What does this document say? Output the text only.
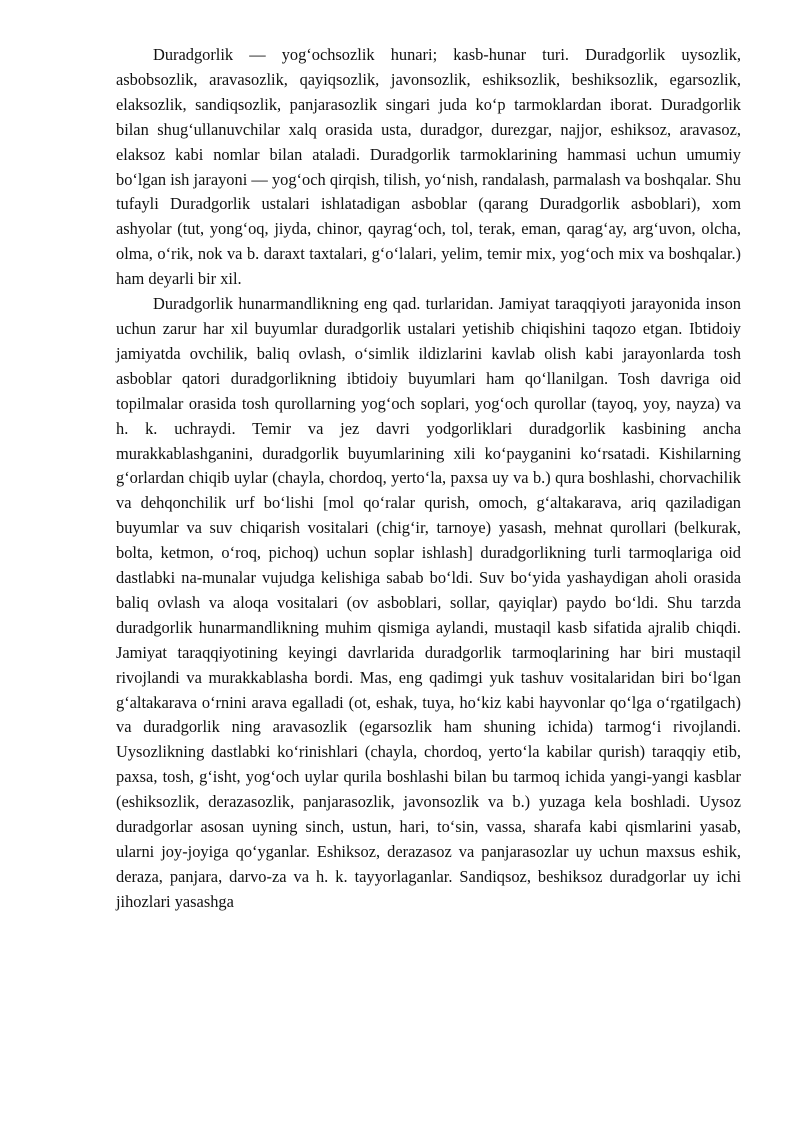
Duradgorlik — yog‘ochsozlik hunari; kasb-hunar turi. Duradgorlik uysozlik, asbobsozlik, aravasozlik, qayiqsozlik, javonsozlik, eshiksozlik, beshiksozlik, egarsozlik, elaksozlik, sandiqsozlik, panjarasozlik singari juda ko‘p tarmoklardan iborat. Duradgorlik bilan shug‘ullanuvchilar xalq orasida usta, duradgor, durezgar, najjor, eshiksoz, aravasoz, elaksoz kabi nomlar bilan ataladi. Duradgorlik tarmoklarining hammasi uchun umumiy bo‘lgan ish jarayoni — yog‘och qirqish, tilish, yo‘nish, randalash, parmalash va boshqalar. Shu tufayli Duradgorlik ustalari ishlatadigan asboblar (qarang Duradgorlik asboblari), xom ashyolar (tut, yong‘oq, jiyda, chinor, qayrag‘och, tol, terak, eman, qarag‘ay, arg‘uvon, olcha, olma, o‘rik, nok va b. daraxt taxtalari, g‘o‘lalari, yelim, temir mix, yog‘och mix va boshqalar.) ham deyarli bir xil.

Duradgorlik hunarmandlikning eng qad. turlaridan. Jamiyat taraqqiyoti jarayonida inson uchun zarur har xil buyumlar duradgorlik ustalari yetishib chiqishini taqozo etgan. Ibtidoiy jamiyatda ovchilik, baliq ovlash, o‘simlik ildizlarini kavlab olish kabi jarayonlarda tosh asboblar qatori duradgorlikning ibtidoiy buyumlari ham qo‘llanilgan. Tosh davriga oid topilmalar orasida tosh qurollarning yog‘och soplari, yog‘och qurollar (tayoq, yoy, nayza) va h. k. uchraydi. Temir va jez davri yodgorliklari duradgorlik kasbining ancha murakkablashganini, duradgorlik buyumlarining xili ko‘payganini ko‘rsatadi. Kishilarning g‘orlardan chiqib uylar (chayla, chordoq, yerto‘la, paxsa uy va b.) qura boshlashi, chorvachilik va dehqonchilik urf bo‘lishi [mol qo‘ralar qurish, omoch, g‘altakarava, ariq qaziladigan buyumlar va suv chiqarish vositalari (chig‘ir, tarnoye) yasash, mehnat qurollari (belkurak, bolta, ketmon, o‘roq, pichoq) uchun soplar ishlash] duradgorlikning turli tarmoqlariga oid dastlabki na-munalar vujudga kelishiga sabab bo‘ldi. Suv bo‘yida yashaydigan aholi orasida baliq ovlash va aloqa vositalari (ov asboblari, sollar, qayiqlar) paydo bo‘ldi. Shu tarzda duradgorlik hunarmandlikning muhim qismiga aylandi, mustaqil kasb sifatida ajralib chiqdi. Jamiyat taraqqiyotining keyingi davrlarida duradgorlik tarmoqlarining har biri mustaqil rivojlandi va murakkablasha bordi. Mas, eng qadimgi yuk tashuv vositalaridan biri bo‘lgan g‘altakarava o‘rnini arava egalladi (ot, eshak, tuya, ho‘kiz kabi hayvonlar qo‘lga o‘rgatilgach) va duradgorlik ning aravasozlik (egarsozlik ham shuning ichida) tarmog‘i rivojlandi. Uysozlikning dastlabki ko‘rinishlari (chayla, chordoq, yerto‘la kabilar qurish) taraqqiy etib, paxsa, tosh, g‘isht, yog‘och uylar qurila boshlashi bilan bu tarmoq ichida yangi-yangi kasblar (eshiksozlik, derazasozlik, panjarasozlik, javonsozlik va b.) yuzaga kela boshladi. Uysoz duradgorlar asosan uyning sinch, ustun, hari, to‘sin, vassa, sharafa kabi qismlarini yasab, ularni joy-joyiga qo‘yganlar. Eshiksoz, derazasoz va panjarasozlar uy uchun maxsus eshik, deraza, panjara, darvo-za va h. k. tayyorlaganlar. Sandiqsoz, beshiksoz duradgorlar uy ichi jihozlari yasashga
